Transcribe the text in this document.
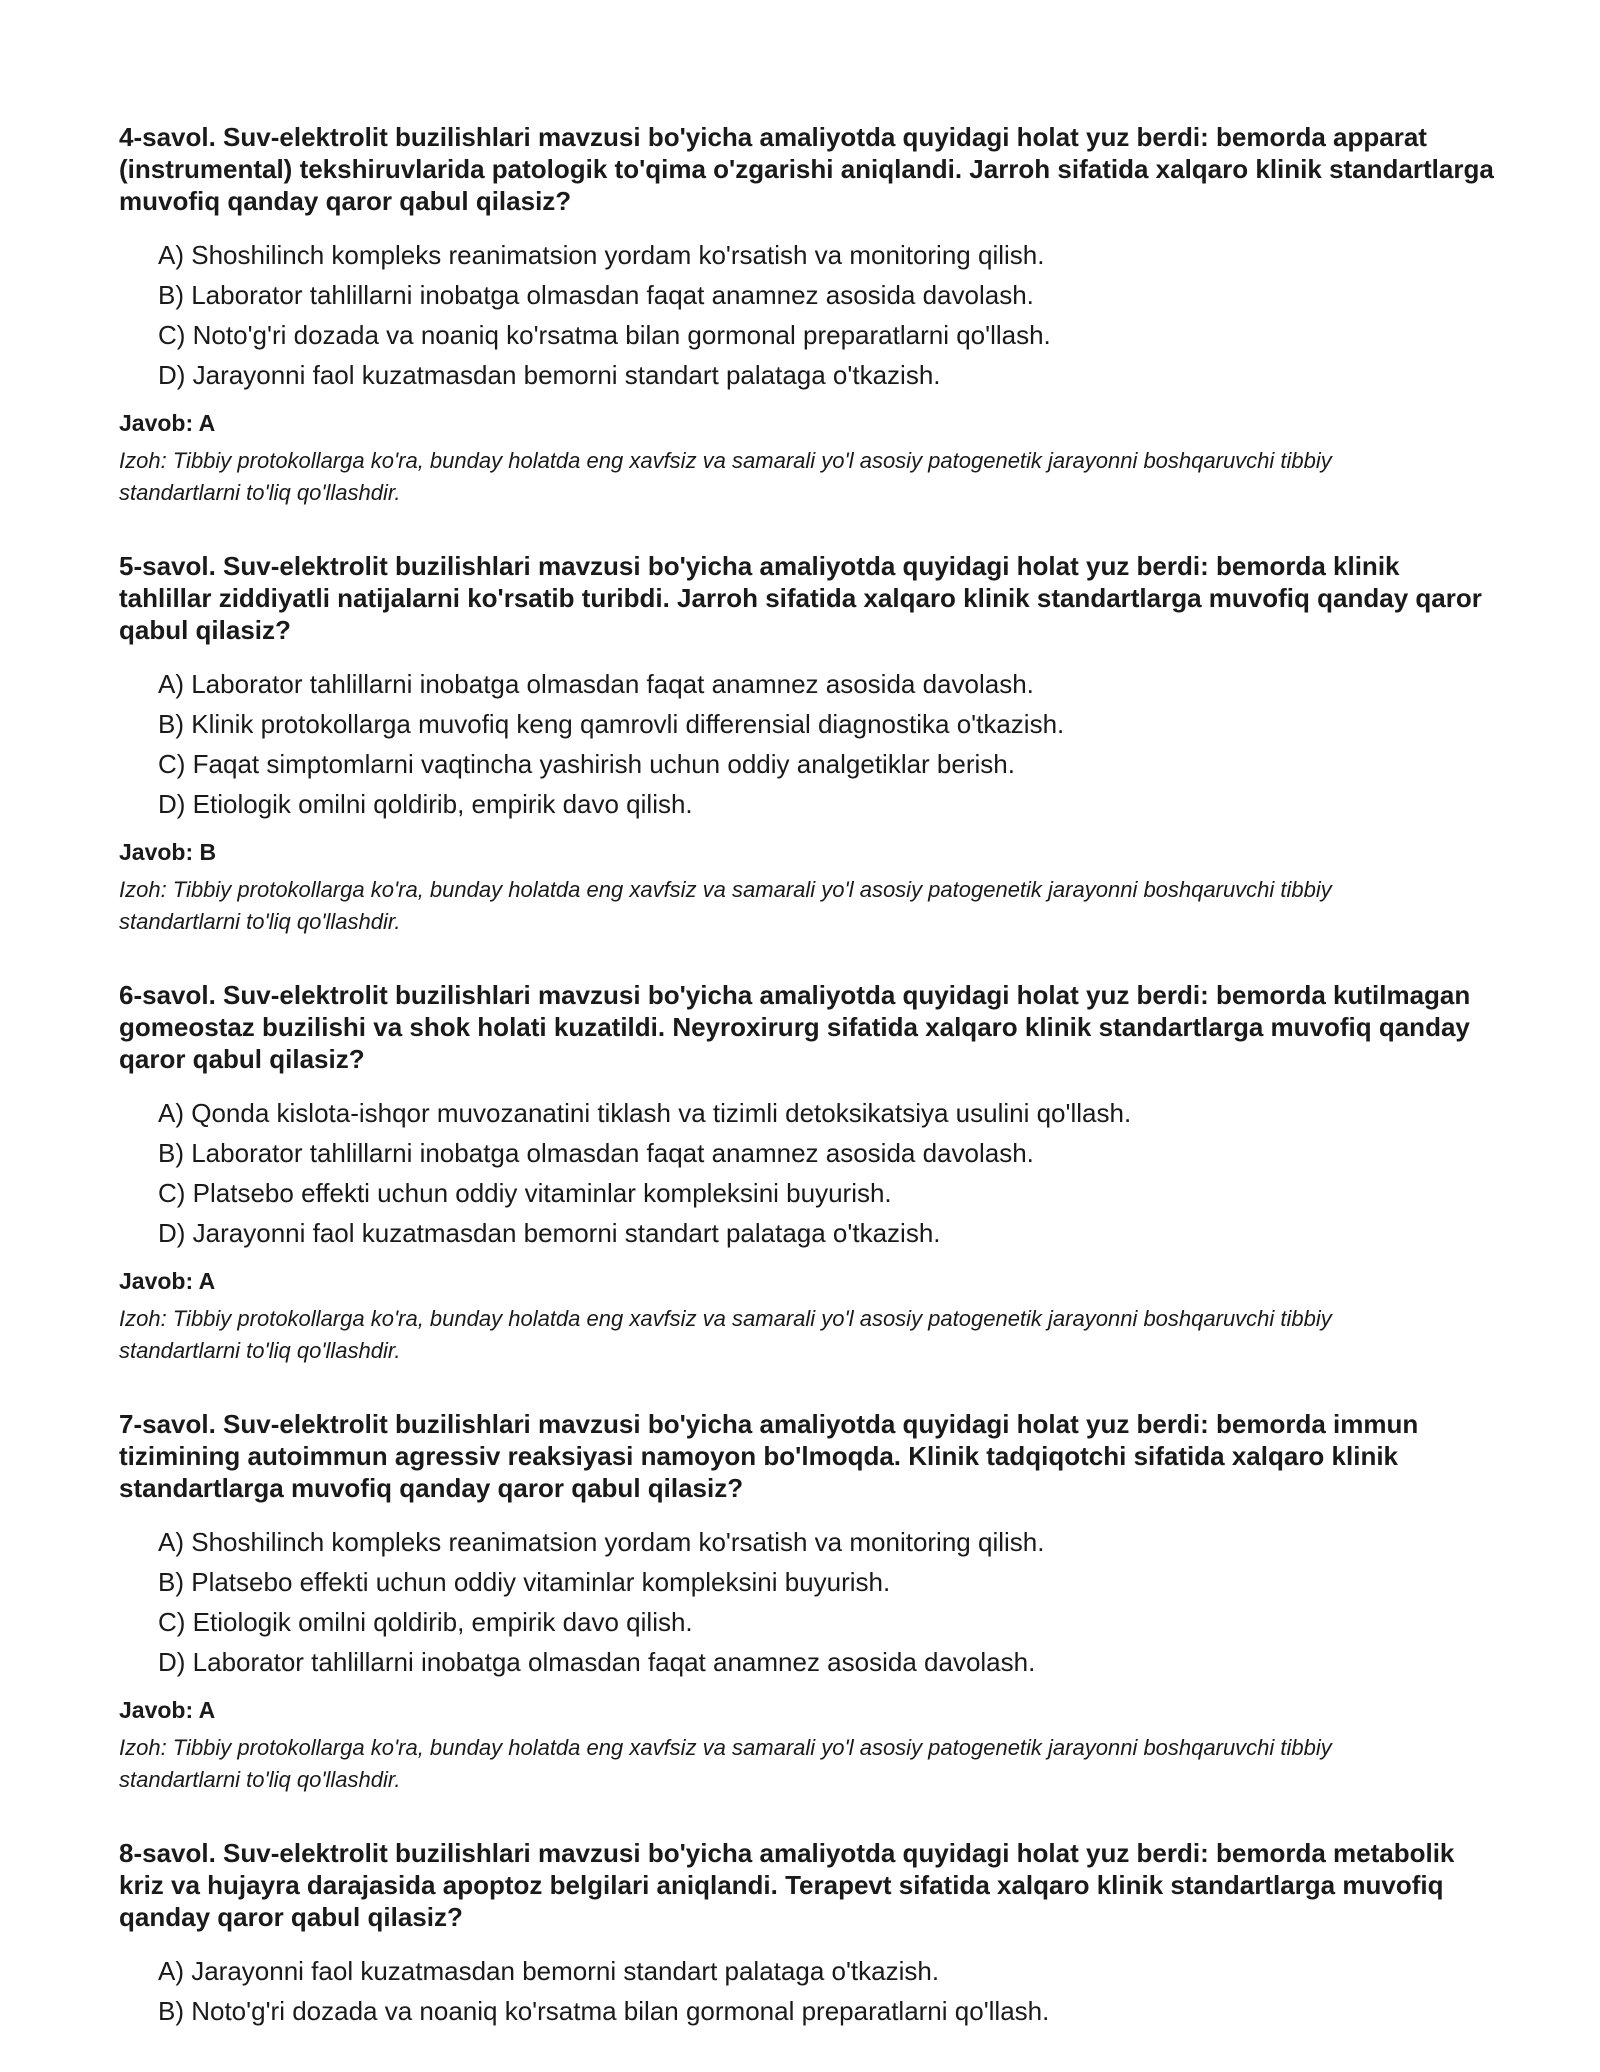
4-savol. Suv-elektrolit buzilishlari mavzusi bo'yicha amaliyotda quyidagi holat yuz berdi: bemorda apparat (instrumental) tekshiruvlarida patologik to'qima o'zgarishi aniqlandi. Jarroh sifatida xalqaro klinik standartlarga muvofiq qanday qaror qabul qilasiz?

A) Shoshilinch kompleks reanimatsion yordam ko'rsatish va monitoring qilish.
B) Laborator tahlillarni inobatga olmasdan faqat anamnez asosida davolash.
C) Noto'g'ri dozada va noaniq ko'rsatma bilan gormonal preparatlarni qo'llash.
D) Jarayonni faol kuzatmasdan bemorni standart palataga o'tkazish.

Javob: A

Izoh: Tibbiy protokollarga ko'ra, bunday holatda eng xavfsiz va samarali yo'l asosiy patogenetik jarayonni boshqaruvchi tibbiy standartlarni to'liq qo'llashdir.

5-savol. Suv-elektrolit buzilishlari mavzusi bo'yicha amaliyotda quyidagi holat yuz berdi: bemorda klinik tahlillar ziddiyatli natijalarni ko'rsatib turibdi. Jarroh sifatida xalqaro klinik standartlarga muvofiq qanday qaror qabul qilasiz?

A) Laborator tahlillarni inobatga olmasdan faqat anamnez asosida davolash.
B) Klinik protokollarga muvofiq keng qamrovli differensial diagnostika o'tkazish.
C) Faqat simptomlarni vaqtincha yashirish uchun oddiy analgetiklar berish.
D) Etiologik omilni qoldirib, empirik davo qilish.

Javob: B

Izoh: Tibbiy protokollarga ko'ra, bunday holatda eng xavfsiz va samarali yo'l asosiy patogenetik jarayonni boshqaruvchi tibbiy standartlarni to'liq qo'llashdir.

6-savol. Suv-elektrolit buzilishlari mavzusi bo'yicha amaliyotda quyidagi holat yuz berdi: bemorda kutilmagan gomeostaz buzilishi va shok holati kuzatildi. Neyroxirurg sifatida xalqaro klinik standartlarga muvofiq qanday qaror qabul qilasiz?

A) Qonda kislota-ishqor muvozanatini tiklash va tizimli detoksikatsiya usulini qo'llash.
B) Laborator tahlillarni inobatga olmasdan faqat anamnez asosida davolash.
C) Platsebo effekti uchun oddiy vitaminlar kompleksini buyurish.
D) Jarayonni faol kuzatmasdan bemorni standart palataga o'tkazish.

Javob: A

Izoh: Tibbiy protokollarga ko'ra, bunday holatda eng xavfsiz va samarali yo'l asosiy patogenetik jarayonni boshqaruvchi tibbiy standartlarni to'liq qo'llashdir.

7-savol. Suv-elektrolit buzilishlari mavzusi bo'yicha amaliyotda quyidagi holat yuz berdi: bemorda immun tizimining autoimmun agressiv reaksiyasi namoyon bo'lmoqda. Klinik tadqiqotchi sifatida xalqaro klinik standartlarga muvofiq qanday qaror qabul qilasiz?

A) Shoshilinch kompleks reanimatsion yordam ko'rsatish va monitoring qilish.
B) Platsebo effekti uchun oddiy vitaminlar kompleksini buyurish.
C) Etiologik omilni qoldirib, empirik davo qilish.
D) Laborator tahlillarni inobatga olmasdan faqat anamnez asosida davolash.

Javob: A

Izoh: Tibbiy protokollarga ko'ra, bunday holatda eng xavfsiz va samarali yo'l asosiy patogenetik jarayonni boshqaruvchi tibbiy standartlarni to'liq qo'llashdir.

8-savol. Suv-elektrolit buzilishlari mavzusi bo'yicha amaliyotda quyidagi holat yuz berdi: bemorda metabolik kriz va hujayra darajasida apoptoz belgilari aniqlandi. Terapevt sifatida xalqaro klinik standartlarga muvofiq qanday qaror qabul qilasiz?

A) Jarayonni faol kuzatmasdan bemorni standart palataga o'tkazish.
B) Noto'g'ri dozada va noaniq ko'rsatma bilan gormonal preparatlarni qo'llash.
